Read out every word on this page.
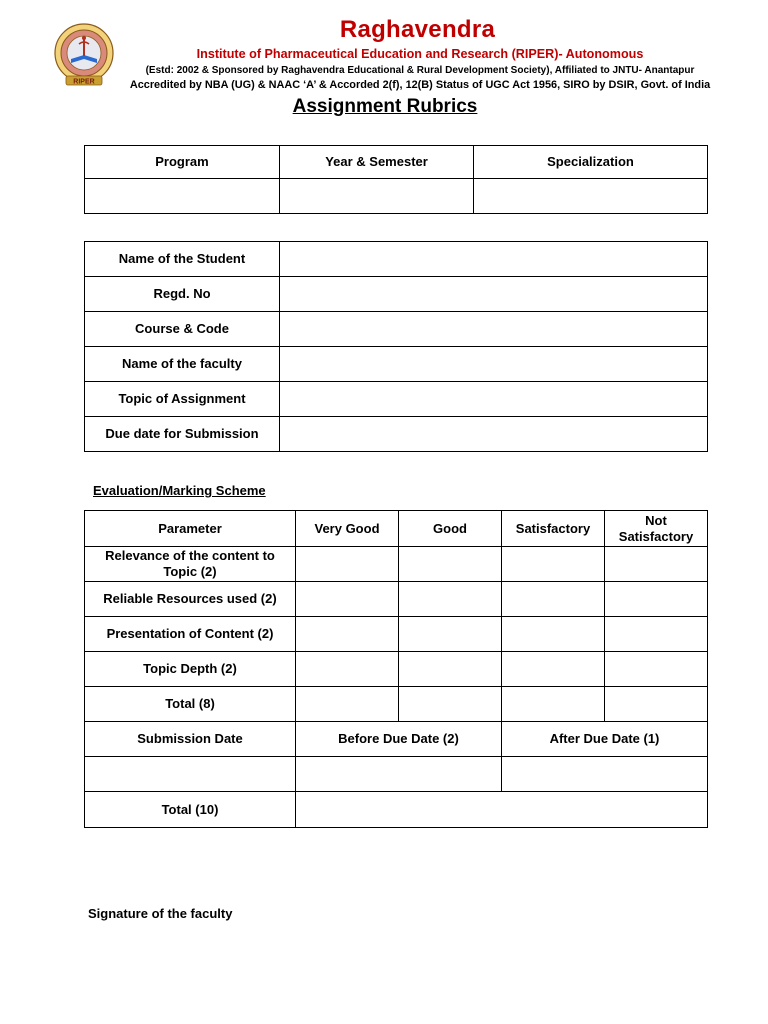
RIPER
Raghavendra
Institute of Pharmaceutical Education and Research (RIPER)- Autonomous
(Estd: 2002 & Sponsored by Raghavendra Educational & Rural Development Society), Affiliated to JNTU- Anantapur
Accredited by NBA (UG) & NAAC ‘A’ & Accorded 2(f), 12(B) Status of UGC Act 1956, SIRO by DSIR, Govt. of India
Assignment Rubrics
Program	Year & Semester	Specialization

Name of the Student	
Regd. No	
Course & Code	
Name of the faculty	
Topic of Assignment	
Due date for Submission	
Evaluation/Marking Scheme
Parameter	Very Good	Good	Satisfactory	Not Satisfactory
Relevance of the content to Topic (2)				
Reliable Resources used (2)				
Presentation of Content (2)				
Topic Depth (2)				
Total (8)				
Submission Date	Before Due Date (2)		After Due Date (1)	

Total (10)				
Signature of the faculty
